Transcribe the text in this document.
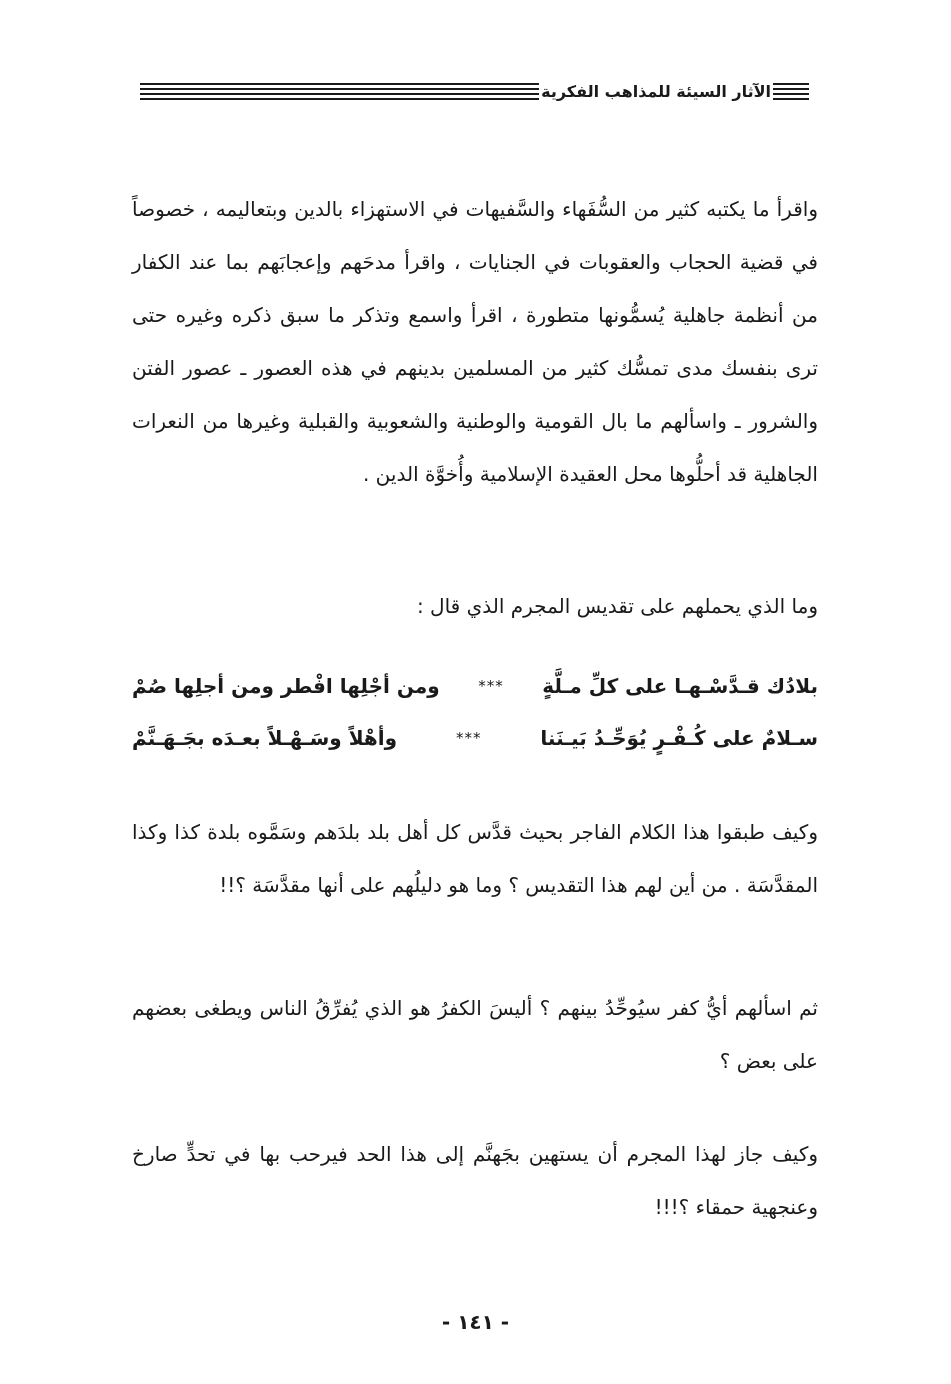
الآثار السيئة للمذاهب الفكرية
واقرأ ما يكتبه كثير من السُّفَهاء والسَّفيهات في الاستهزاء بالدين وبتعاليمه ، خصوصاً في قضية الحجاب والعقوبات في الجنايات ، واقرأ مدحَهم وإعجابَهم بما عند الكفار من أنظمة جاهلية يُسمُّونها متطورة ، اقرأ واسمع وتذكر ما سبق ذكره وغيره حتى ترى بنفسك مدى تمسُّك كثير من المسلمين بدينهم في هذه العصور ـ عصور الفتن والشرور ـ واسألهم ما بال القومية والوطنية والشعوبية والقبلية وغيرها من النعرات الجاهلية قد أحلُّوها محل العقيدة الإسلامية وأُخوَّة الدين .
وما الذي يحملهم على تقديس المجرم الذي قال :
بلادُك قـدَّسْـهـا على كلِّ مـلَّةٍ
***
ومن أجْلِها افْطر ومن أجلِها صُمْ
سـلامٌ على كُـفْـرٍ يُوَحِّـدُ بَيـنَنا
***
وأهْلاً وسَـهْـلاً بعـدَه بجَـهَـنَّمْ
وكيف طبقوا هذا الكلام الفاجر بحيث قدَّس كل أهل بلد بلدَهم وسَمَّوه بلدة كذا وكذا المقدَّسَة . من أين لهم هذا التقديس ؟ وما هو دليلُهم على أنها مقدَّسَة ؟!!
ثم اسألهم أيُّ كفر سيُوحِّدُ بينهم ؟ أليسَ الكفرُ هو الذي يُفرِّقُ الناس ويطغى بعضهم على بعض ؟
وكيف جاز لهذا المجرم أن يستهين بجَهنَّم إلى هذا الحد فيرحب بها في تحدٍّ صارخ وعنجهية حمقاء ؟!!!
- ١٤١ -
